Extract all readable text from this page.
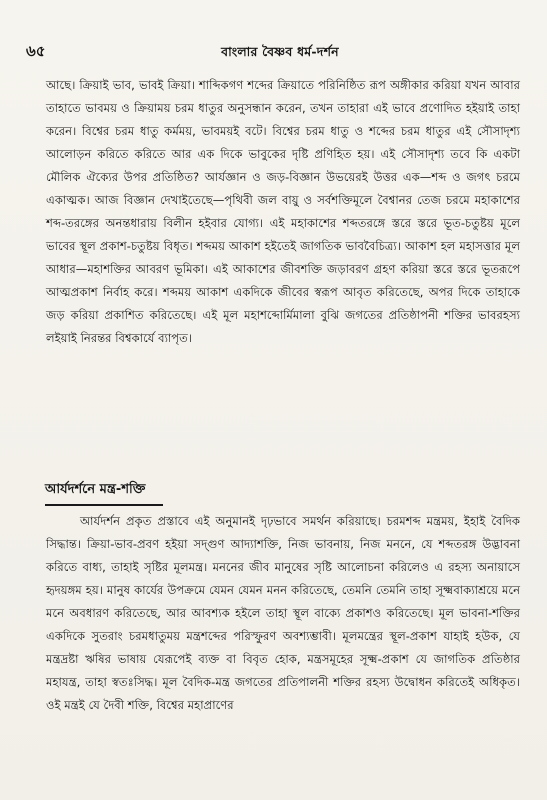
৬৫	বাংলার বৈষ্ণব ধর্ম-দর্শন

আছে। ক্রিয়াই ভাব, ভাবই ক্রিয়া। শাব্দিকগণ শব্দের ক্রিয়াতে পরিনিষ্ঠিত রূপ অঙ্গীকার করিয়া যখন আবার তাহাতে ভাবময় ও ক্রিয়াময় চরম ধাতুর অনুসন্ধান করেন, তখন তাহারা এই ভাবে প্রণোদিত হইয়াই তাহা করেন। বিশ্বের চরম ধাতু কর্মময়, ভাবময়ই বটে। বিশ্বের চরম ধাতু ও শব্দের চরম ধাতুর এই সৌসাদৃশ্য আলোড়ন করিতে করিতে আর এক দিকে ভাবুকের দৃষ্টি প্রণিহিত হয়। এই সৌসাদৃশ্য তবে কি একটা মৌলিক ঐক্যের উপর প্রতিষ্ঠিত? আর্যজ্ঞান ও জড়-বিজ্ঞান উভয়েরই উত্তর এক—শব্দ ও জগৎ চরমে একাত্মক। আজ বিজ্ঞান দেখাইতেছে—পৃথিবী জল বায়ু ও সর্বশক্তিমূলে বৈশ্বানর তেজ চরমে মহাকাশের শব্দ-তরঙ্গের অনন্তধারায় বিলীন হইবার যোগ্য। এই মহাকাশের শব্দতরঙ্গে স্তরে স্তরে ভূত-চতুষ্টয় মূলে ভাবের স্থূল প্রকাশ-চতুষ্টয় বিধৃত। শব্দময় আকাশ হইতেই জাগতিক ভাববৈচিত্র্য। আকাশ হল মহাসত্তার মূল আধার—মহাশক্তির আবরণ ভূমিকা। এই আকাশের জীবশক্তি জড়াবরণ গ্রহণ করিয়া স্তরে স্তরে ভূতরূপে আত্মপ্রকাশ নির্বাহ করে। শব্দময় আকাশ একদিকে জীবের স্বরূপ আবৃত করিতেছে, অপর দিকে তাহাকে জড় করিয়া প্রকাশিত করিতেছে। এই মূল মহাশব্দোর্মিমালা বুঝি জগতের প্রতিষ্ঠাপনী শক্তির ভাবরহস্য লইয়াই নিরন্তর বিশ্বকার্যে ব্যাপৃত।

আর্যদর্শনে মন্ত্র-শক্তি

আর্যদর্শন প্রকৃত প্রস্তাবে এই অনুমানই দৃঢ়ভাবে সমর্থন করিয়াছে। চরমশব্দ মন্ত্রময়, ইহাই বৈদিক সিদ্ধান্ত। ক্রিয়া-ভাব-প্রবণ হইয়া সদ্গুণ আদ্যাশক্তি, নিজ ভাবনায়, নিজ মননে, যে শব্দতরঙ্গ উদ্ভাবনা করিতে বাধ্য, তাহাই সৃষ্টির মূলমন্ত্র। মননের জীব মানুষের সৃষ্টি আলোচনা করিলেও এ রহস্য অনায়াসে হৃদয়ঙ্গম হয়। মানুষ কার্যের উপক্রমে যেমন যেমন মনন করিতেছে, তেমনি তেমনি তাহা সূক্ষ্মবাক্যাশ্রয়ে মনে মনে অবধারণ করিতেছে, আর আবশ্যক হইলে তাহা স্থূল বাক্যে প্রকাশও করিতেছে। মূল ভাবনা-শক্তির একদিকে সুতরাং চরমধাতুময় মন্ত্রশব্দের পরিস্ফুরণ অবশ্যম্ভাবী। মূলমন্ত্রের স্থূল-প্রকাশ যাহাই হউক, যে মন্ত্রদ্রষ্টা ঋষির ভাষায় যেরূপেই ব্যক্ত বা বিবৃত হোক, মন্ত্রসমূহের সূক্ষ্ম-প্রকাশ যে জাগতিক প্রতিষ্ঠার মহাযন্ত্র, তাহা স্বতঃসিদ্ধ। মূল বৈদিক-মন্ত্র জগতের প্রতিপালনী শক্তির রহস্য উদ্বোধন করিতেই অধিকৃত। ওই মন্ত্রই যে দৈবী শক্তি, বিশ্বের মহাপ্রাণের
